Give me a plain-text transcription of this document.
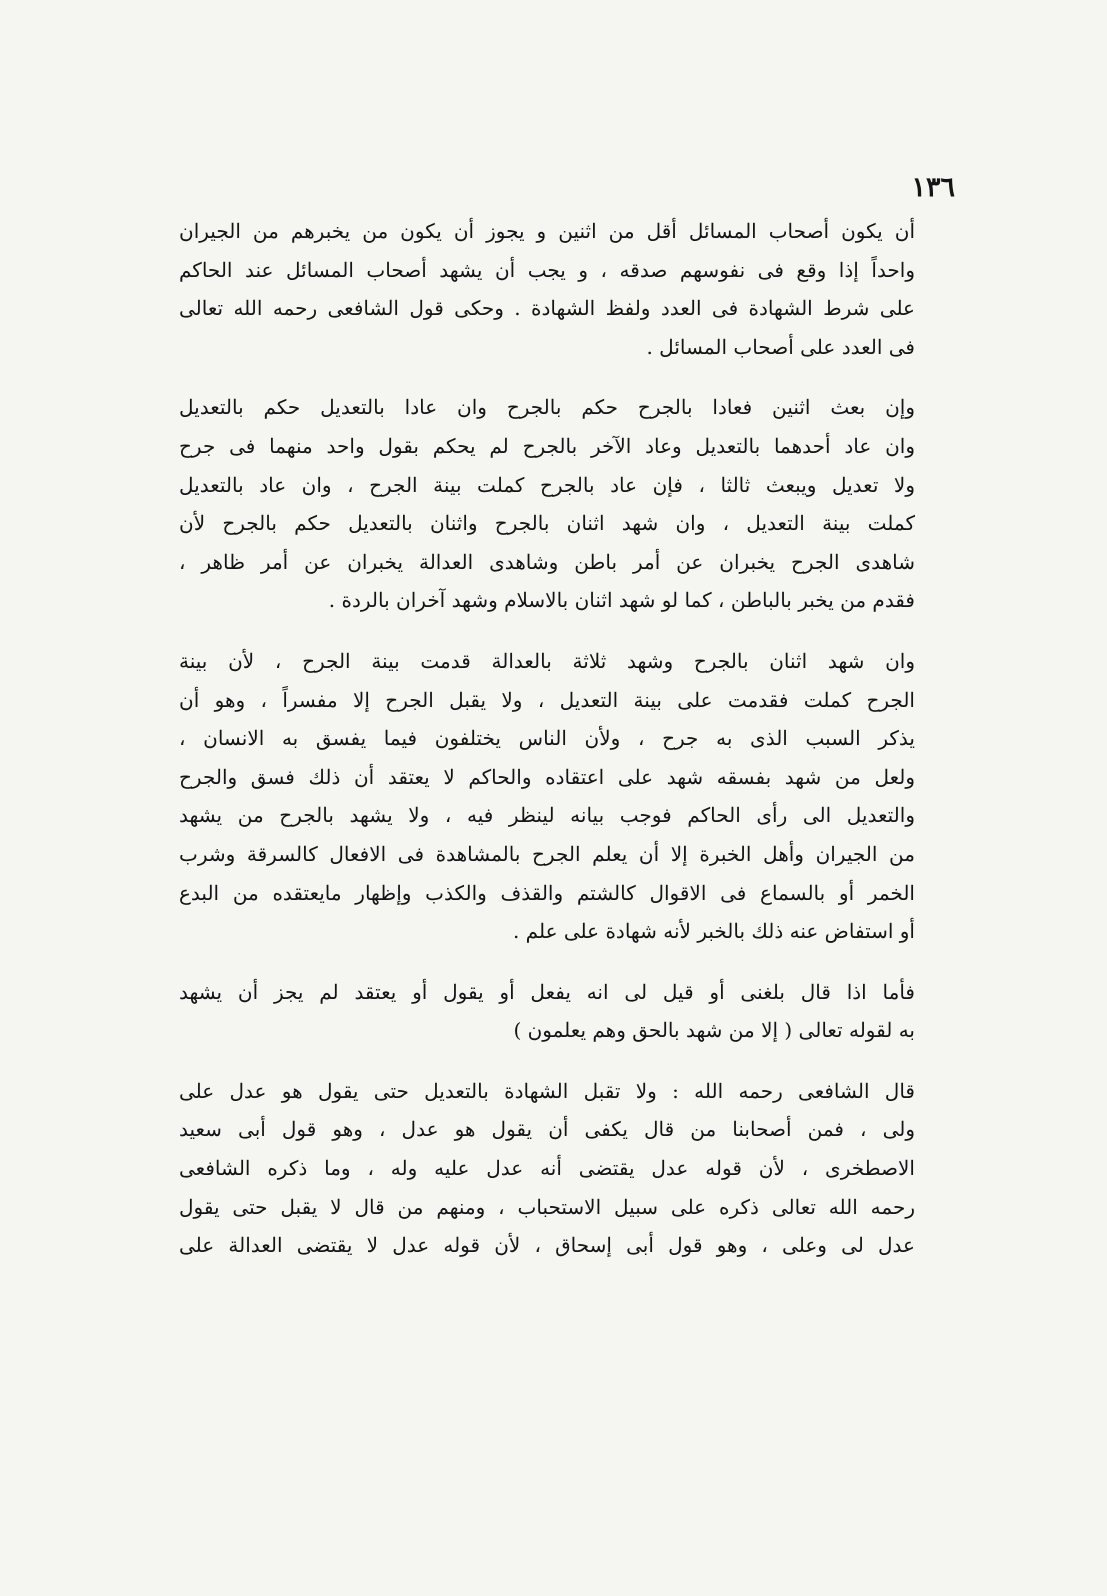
١٣٦
أن يكون أصحاب المسائل أقل من اثنين و يجوز أن يكون من يخبرهم من الجيران
واحداً إذا وقع فى نفوسهم صدقه ، و يجب أن يشهد أصحاب المسائل عند الحاكم
على شرط الشهادة فى العدد ولفظ الشهادة . وحكى قول الشافعى رحمه الله تعالى
فى العدد على أصحاب المسائل .
وإن بعث اثنين فعادا بالجرح حكم بالجرح وان عادا بالتعديل حكم بالتعديل
وان عاد أحدهما بالتعديل وعاد الآخر بالجرح لم يحكم بقول واحد منهما فى جرح
ولا تعديل ويبعث ثالثا ، فإن عاد بالجرح كملت بينة الجرح ، وان عاد بالتعديل
كملت بينة التعديل ، وان شهد اثنان بالجرح واثنان بالتعديل حكم بالجرح لأن
شاهدى الجرح يخبران عن أمر باطن وشاهدى العدالة يخبران عن أمر ظاهر ،
فقدم من يخبر بالباطن ، كما لو شهد اثنان بالاسلام وشهد آخران بالردة .
وان شهد اثنان بالجرح وشهد ثلاثة بالعدالة قدمت بينة الجرح ، لأن بينة
الجرح كملت فقدمت على بينة التعديل ، ولا يقبل الجرح إلا مفسراً ، وهو أن
يذكر السبب الذى به جرح ، ولأن الناس يختلفون فيما يفسق به الانسان ،
ولعل من شهد بفسقه شهد على اعتقاده والحاكم لا يعتقد أن ذلك فسق والجرح
والتعديل الى رأى الحاكم فوجب بيانه لينظر فيه ، ولا يشهد بالجرح من يشهد
من الجيران وأهل الخبرة إلا أن يعلم الجرح بالمشاهدة فى الافعال كالسرقة وشرب
الخمر أو بالسماع فى الاقوال كالشتم والقذف والكذب وإظهار مايعتقده من البدع
أو استفاض عنه ذلك بالخبر لأنه شهادة على علم .
فأما اذا قال بلغنى أو قيل لى انه يفعل أو يقول أو يعتقد لم يجز أن يشهد
به لقوله تعالى ( إلا من شهد بالحق وهم يعلمون )
قال الشافعى رحمه الله : ولا تقبل الشهادة بالتعديل حتى يقول هو عدل على
ولى ، فمن أصحابنا من قال يكفى أن يقول هو عدل ، وهو قول أبى سعيد
الاصطخرى ، لأن قوله عدل يقتضى أنه عدل عليه وله ، وما ذكره الشافعى
رحمه الله تعالى ذكره على سبيل الاستحباب ، ومنهم من قال لا يقبل حتى يقول
عدل لى وعلى ، وهو قول أبى إسحاق ، لأن قوله عدل لا يقتضى العدالة على
